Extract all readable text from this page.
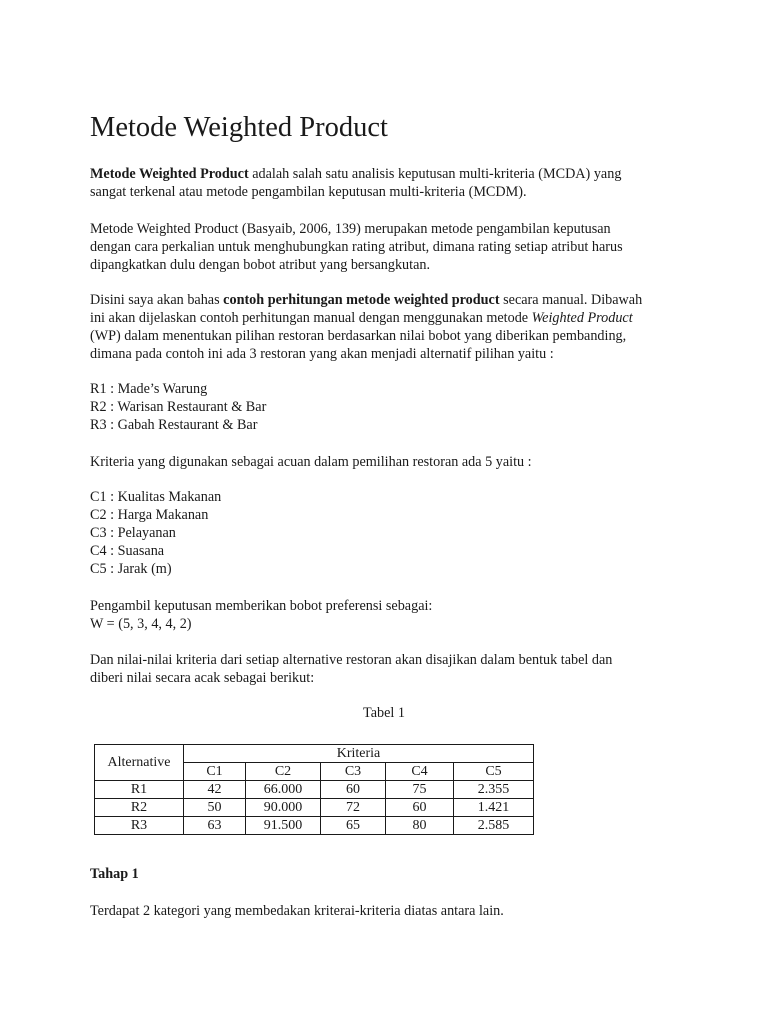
Metode Weighted Product

Metode Weighted Product adalah salah satu analisis keputusan multi-kriteria (MCDA) yang

sangat terkenal atau metode pengambilan keputusan multi-kriteria (MCDM).

Metode Weighted Product (Basyaib, 2006, 139) merupakan metode pengambilan keputusan

dengan cara perkalian untuk menghubungkan rating atribut, dimana rating setiap atribut harus

dipangkatkan dulu dengan bobot atribut yang bersangkutan.

Disini saya akan bahas contoh perhitungan metode weighted product secara manual. Dibawah

ini akan dijelaskan contoh perhitungan manual dengan menggunakan metode Weighted Product

(WP) dalam menentukan pilihan restoran berdasarkan nilai bobot yang diberikan pembanding,

dimana pada contoh ini ada 3 restoran yang akan menjadi alternatif pilihan yaitu :

R1 : Made’s Warung

R2 : Warisan Restaurant & Bar

R3 : Gabah Restaurant & Bar

Kriteria yang digunakan sebagai acuan dalam pemilihan restoran ada 5 yaitu :

C1 : Kualitas Makanan

C2 : Harga Makanan

C3 : Pelayanan

C4 : Suasana

C5 : Jarak (m)

Pengambil keputusan memberikan bobot preferensi sebagai:

W = (5, 3, 4, 4, 2)

Dan nilai-nilai kriteria dari setiap alternative restoran akan disajikan dalam bentuk tabel dan

diberi nilai secara acak sebagai berikut:

Tabel 1
Alternative	Kriteria				
	C1	C2	C3	C4	C5
R1	42	66.000	60	75	2.355
R2	50	90.000	72	60	1.421
R3	63	91.500	65	80	2.585

Tahap 1

Terdapat 2 kategori yang membedakan kriterai-kriteria diatas antara lain.
